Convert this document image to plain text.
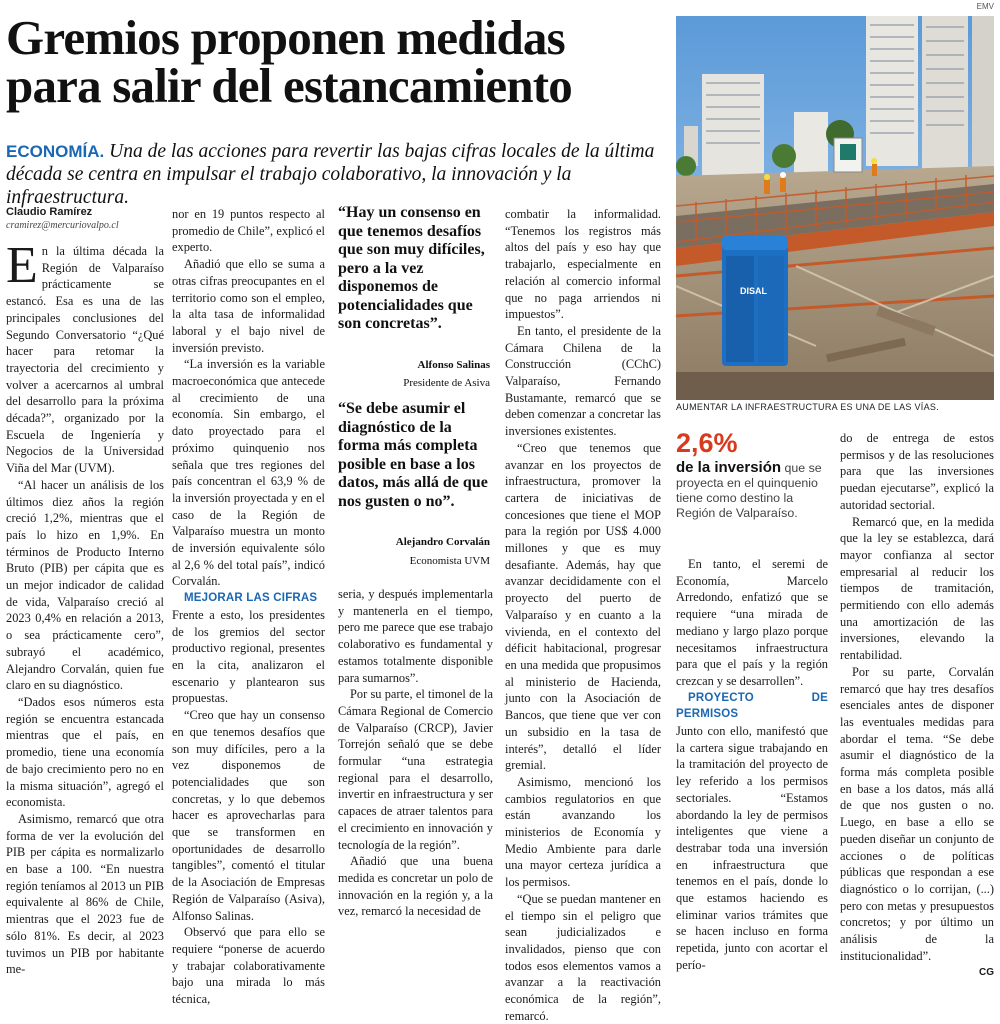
EMV
Gremios proponen medidas para salir del estancamiento
ECONOMÍA. Una de las acciones para revertir las bajas cifras locales de la última década se centra en impulsar el trabajo colaborativo, la innovación y la infraestructura.
Claudio Ramírez
cramirez@mercuriovalpo.cl

En la última década la Región de Valparaíso prácticamente se estancó. Esa es una de las principales conclusiones del Segundo Conversatorio “¿Qué hacer para retomar la trayectoria del crecimiento y volver a acercarnos al umbral del desarrollo para la próxima década?”, organizado por la Escuela de Ingeniería y Negocios de la Universidad Viña del Mar (UVM).

“Al hacer un análisis de los últimos diez años la región creció 1,2%, mientras que el país lo hizo en 1,9%. En términos de Producto Interno Bruto (PIB) per cápita que es un mejor indicador de calidad de vida, Valparaíso creció al 2023 0,4% en relación a 2013, o sea prácticamente cero”, subrayó el académico, Alejandro Corvalán, quien fue claro en su diagnóstico.

“Dados esos números esta región se encuentra estancada mientras que el país, en promedio, tiene una economía de bajo crecimiento pero no en la misma situación”, agregó el economista.

Asimismo, remarcó que otra forma de ver la evolución del PIB per cápita es normalizarlo en base a 100. “En nuestra región teníamos al 2013 un PIB equivalente al 86% de Chile, mientras que el 2023 fue de sólo 81%. Es decir, al 2023 tuvimos un PIB por habitante me-

nor en 19 puntos respecto al promedio de Chile”, explicó el experto.

Añadió que ello se suma a otras cifras preocupantes en el territorio como son el empleo, la alta tasa de informalidad laboral y el bajo nivel de inversión previsto.

“La inversión es la variable macroeconómica que antecede al crecimiento de una economía. Sin embargo, el dato proyectado para el próximo quinquenio nos señala que tres regiones del país concentran el 63,9 % de la inversión proyectada y en el caso de la Región de Valparaíso muestra un monto de inversión equivalente sólo al 2,6 % del total país”, indicó Corvalán.

MEJORAR LAS CIFRAS

Frente a esto, los presidentes de los gremios del sector productivo regional, presentes en la cita, analizaron el escenario y plantearon sus propuestas.

“Creo que hay un consenso en que tenemos desafíos que son muy difíciles, pero a la vez disponemos de potencialidades que son concretas, y lo que debemos hacer es aprovecharlas para que se transformen en oportunidades de desarrollo tangibles”, comentó el titular de la Asociación de Empresas Región de Valparaíso (Asiva), Alfonso Salinas.

Observó que para ello se requiere “ponerse de acuerdo y trabajar colaborativamente bajo una mirada lo más técnica,

“Hay un consenso en que tenemos desafíos que son muy difíciles, pero a la vez disponemos de potencialidades que son concretas”.
Alfonso Salinas
Presidente de Asiva
“Se debe asumir el diagnóstico de la forma más completa posible en base a los datos, más allá de que nos gusten o no”.
Alejandro Corvalán
Economista UVM

seria, y después implementarla y mantenerla en el tiempo, pero me parece que ese trabajo colaborativo es fundamental y estamos totalmente disponible para sumarnos”.

Por su parte, el timonel de la Cámara Regional de Comercio de Valparaíso (CRCP), Javier Torrejón señaló que se debe formular “una estrategia regional para el desarrollo, invertir en infraestructura y ser capaces de atraer talentos para el crecimiento en innovación y tecnología de la región”.

Añadió que una buena medida es concretar un polo de innovación en la región y, a la vez, remarcó la necesidad de

combatir la informalidad. “Tenemos los registros más altos del país y eso hay que trabajarlo, especialmente en relación al comercio informal que no paga arriendos ni impuestos”.

En tanto, el presidente de la Cámara Chilena de la Construcción (CChC) Valparaíso, Fernando Bustamante, remarcó que se deben comenzar a concretar las inversiones existentes.

“Creo que tenemos que avanzar en los proyectos de infraestructura, promover la cartera de iniciativas de concesiones que tiene el MOP para la región por US$ 4.000 millones y que es muy desafiante. Además, hay que avanzar decididamente con el proyecto del puerto de Valparaíso y en cuanto a la vivienda, en el contexto del déficit habitacional, progresar en una medida que propusimos al ministerio de Hacienda, junto con la Asociación de Bancos, que tiene que ver con un subsidio en la tasa de interés”, detalló el líder gremial.

Asimismo, mencionó los cambios regulatorios en que están avanzando los ministerios de Economía y Medio Ambiente para darle una mayor certeza jurídica a los permisos.

“Que se puedan mantener en el tiempo sin el peligro que sean judicializados e invalidados, pienso que con todos esos elementos vamos a avanzar a la reactivación económica de la región”, remarcó.

DISAL
AUMENTAR LA INFRAESTRUCTURA ES UNA DE LAS VÍAS.
2,6%
de la inversión que se proyecta en el quinquenio tiene como destino la Región de Valparaíso.

En tanto, el seremi de Economía, Marcelo Arredondo, enfatizó que se requiere “una mirada de mediano y largo plazo porque necesitamos infraestructura para que el país y la región crezcan y se desarrollen”.

PROYECTO DE PERMISOS

Junto con ello, manifestó que la cartera sigue trabajando en la tramitación del proyecto de ley referido a los permisos sectoriales. “Estamos abordando la ley de permisos inteligentes que viene a destrabar toda una inversión en infraestructura que tenemos en el país, donde lo que estamos haciendo es eliminar varios trámites que se hacen incluso en forma repetida, junto con acortar el perío-

do de entrega de estos permisos y de las resoluciones para que las inversiones puedan ejecutarse”, explicó la autoridad sectorial.

Remarcó que, en la medida que la ley se establezca, dará mayor confianza al sector empresarial al reducir los tiempos de tramitación, permitiendo con ello además una amortización de las inversiones, elevando la rentabilidad.

Por su parte, Corvalán remarcó que hay tres desafíos esenciales antes de disponer las eventuales medidas para abordar el tema. “Se debe asumir el diagnóstico de la forma más completa posible en base a los datos, más allá de que nos gusten o no. Luego, en base a ello se pueden diseñar un conjunto de acciones o de políticas públicas que respondan a ese diagnóstico o lo corrijan, (...) pero con metas y presupuestos concretos; y por último un análisis de la institucionalidad”.

CG
